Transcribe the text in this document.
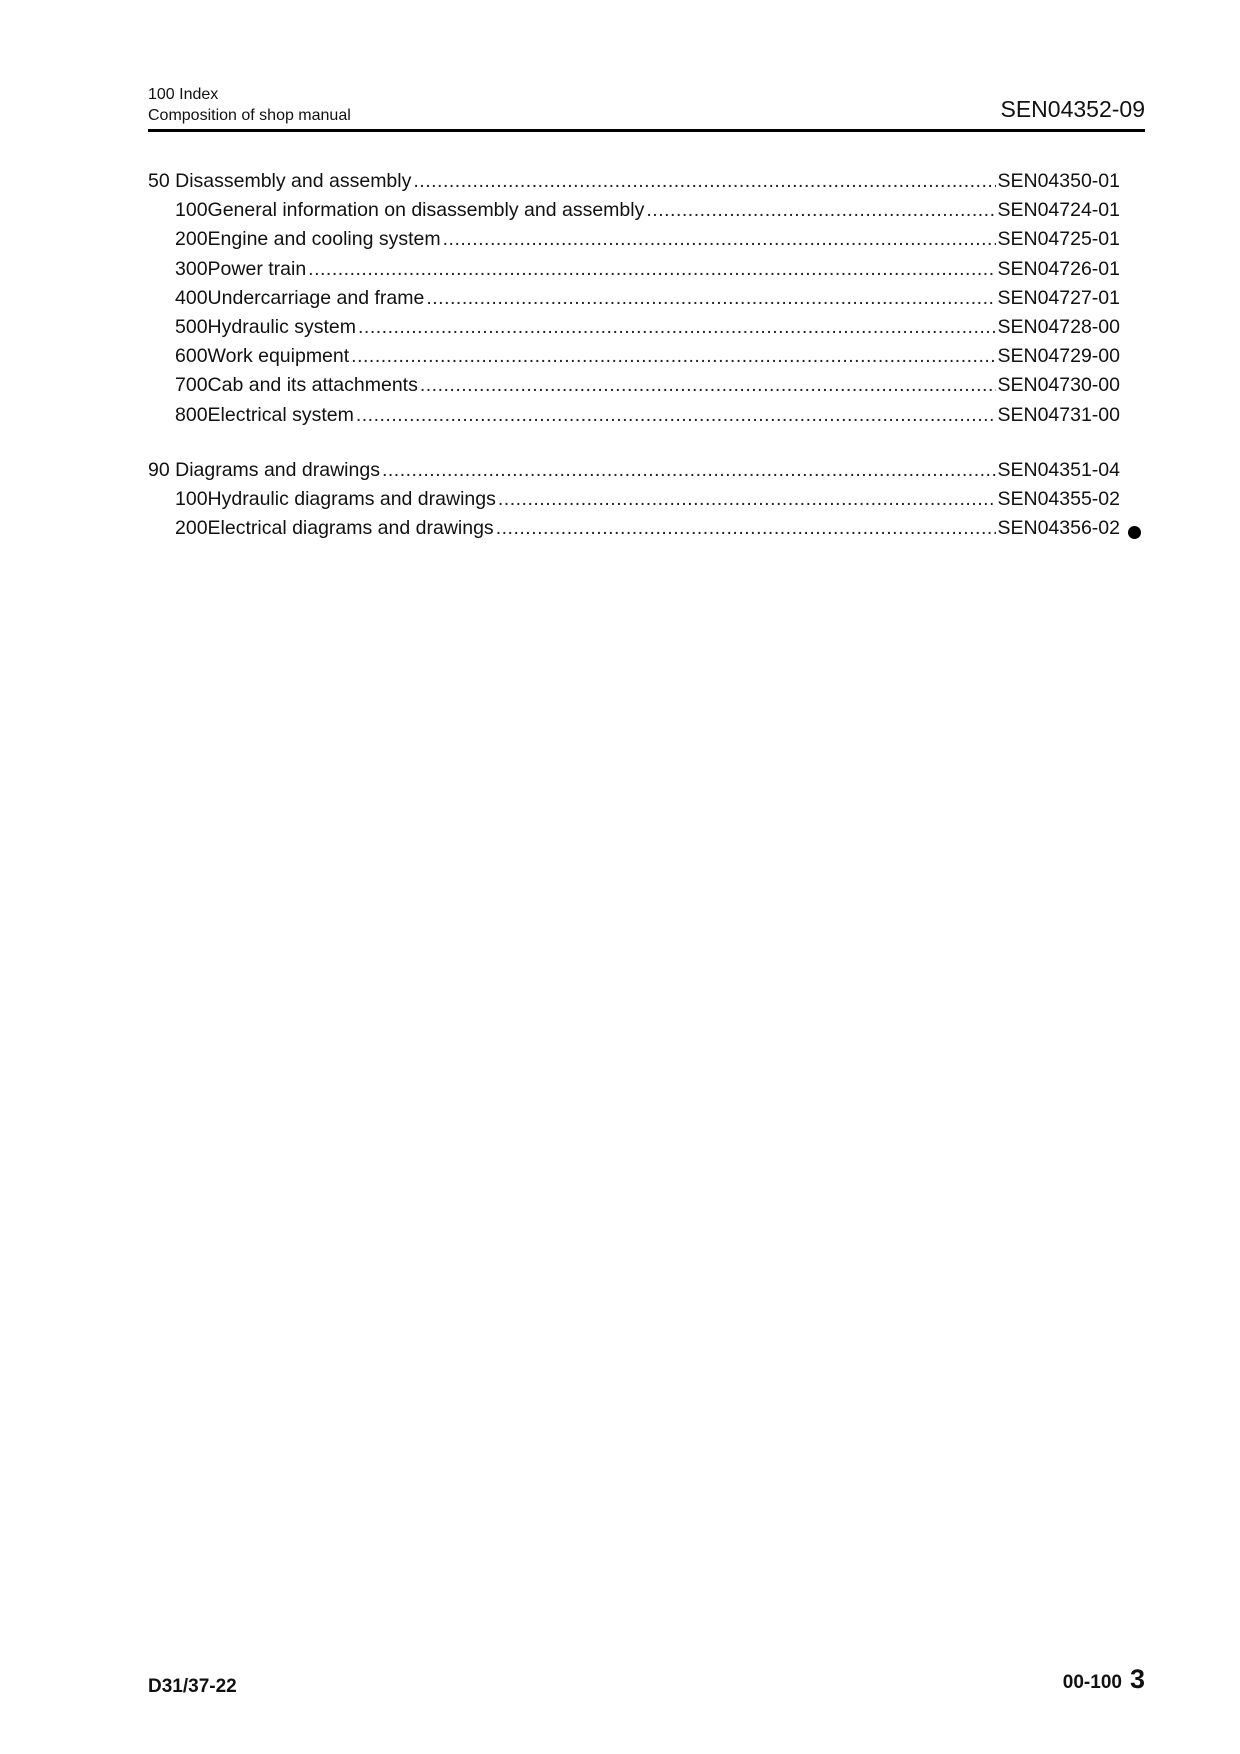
100 Index
Composition of shop manual	SEN04352-09
50 Disassembly and assembly .....	SEN04350-01
100 General information on disassembly and assembly .....	SEN04724-01
200 Engine and cooling system .....	SEN04725-01
300 Power train .....	SEN04726-01
400 Undercarriage and frame .....	SEN04727-01
500 Hydraulic system .....	SEN04728-00
600 Work equipment .....	SEN04729-00
700 Cab and its attachments .....	SEN04730-00
800 Electrical system .....	SEN04731-00
90 Diagrams and drawings .....	SEN04351-04
100 Hydraulic diagrams and drawings .....	SEN04355-02
200 Electrical diagrams and drawings .....	SEN04356-02
D31/37-22	00-100 3
